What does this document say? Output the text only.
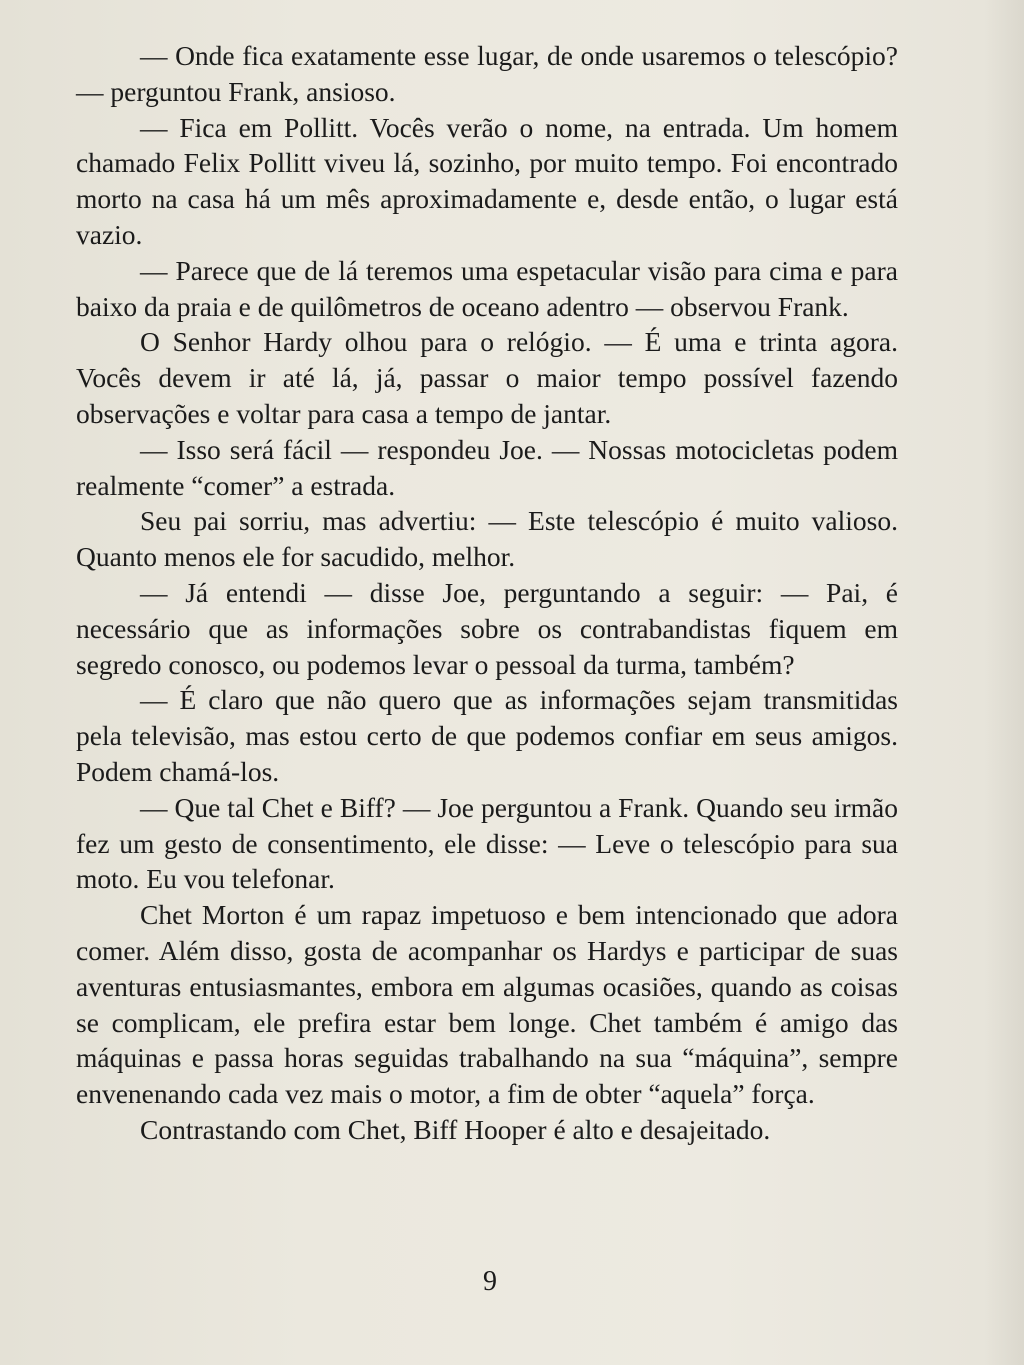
— Onde fica exatamente esse lugar, de onde usaremos o telescópio? — perguntou Frank, ansioso.

— Fica em Pollitt. Vocês verão o nome, na entrada. Um homem chamado Felix Pollitt viveu lá, sozinho, por muito tempo. Foi encontrado morto na casa há um mês aproximadamente e, desde então, o lugar está vazio.

— Parece que de lá teremos uma espetacular visão para cima e para baixo da praia e de quilômetros de oceano adentro — observou Frank.

O Senhor Hardy olhou para o relógio. — É uma e trinta agora. Vocês devem ir até lá, já, passar o maior tempo possível fazendo observações e voltar para casa a tempo de jantar.

— Isso será fácil — respondeu Joe. — Nossas motocicletas podem realmente “comer” a estrada.

Seu pai sorriu, mas advertiu: — Este telescópio é muito valioso. Quanto menos ele for sacudido, melhor.

— Já entendi — disse Joe, perguntando a seguir: — Pai, é necessário que as informações sobre os contrabandistas fiquem em segredo conosco, ou podemos levar o pessoal da turma, também?

— É claro que não quero que as informações sejam transmitidas pela televisão, mas estou certo de que podemos confiar em seus amigos. Podem chamá-los.

— Que tal Chet e Biff? — Joe perguntou a Frank. Quando seu irmão fez um gesto de consentimento, ele disse: — Leve o telescópio para sua moto. Eu vou telefonar.

Chet Morton é um rapaz impetuoso e bem intencionado que adora comer. Além disso, gosta de acompanhar os Hardys e participar de suas aventuras entusiasmantes, embora em algumas ocasiões, quando as coisas se complicam, ele prefira estar bem longe. Chet também é amigo das máquinas e passa horas seguidas trabalhando na sua “máquina”, sempre envenenando cada vez mais o motor, a fim de obter “aquela” força.

Contrastando com Chet, Biff Hooper é alto e desajeitado.

9
